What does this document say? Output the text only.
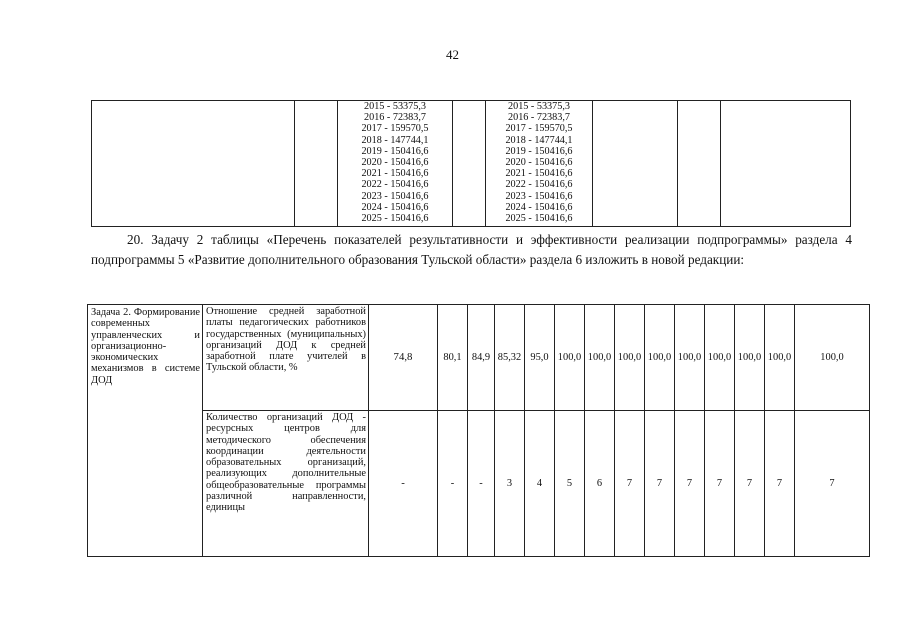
42

2015 - 53375,3
2016 - 72383,7
2017 - 159570,5
2018 - 147744,1
2019 - 150416,6
2020 - 150416,6
2021 - 150416,6
2022 - 150416,6
2023 - 150416,6
2024 - 150416,6
2025 - 150416,6

2015 - 53375,3
2016 - 72383,7
2017 - 159570,5
2018 - 147744,1
2019 - 150416,6
2020 - 150416,6
2021 - 150416,6
2022 - 150416,6
2023 - 150416,6
2024 - 150416,6
2025 - 150416,6

20. Задачу 2 таблицы «Перечень показателей результативности и эффективности реализации подпрограммы» раздела 4 подпрограммы 5 «Развитие дополнительного образования Тульской области» раздела 6 изложить в новой редакции:

Задача 2. Формирование современных управленческих и организационно-экономических механизмов в системе ДОД	Отношение средней заработной платы педагогических работников государственных (муниципальных) организаций ДОД к средней заработной плате учителей в Тульской области, %	74,8	80,1	84,9	85,32	95,0	100,0	100,0	100,0	100,0	100,0	100,0	100,0	100,0	100,0
	Количество организаций ДОД - ресурсных центров для методического обеспечения координации деятельности образовательных организаций, реализующих дополнительные общеобразовательные программы различной направленности, единицы	-	-	-	3	4	5	6	7	7	7	7	7	7	7
